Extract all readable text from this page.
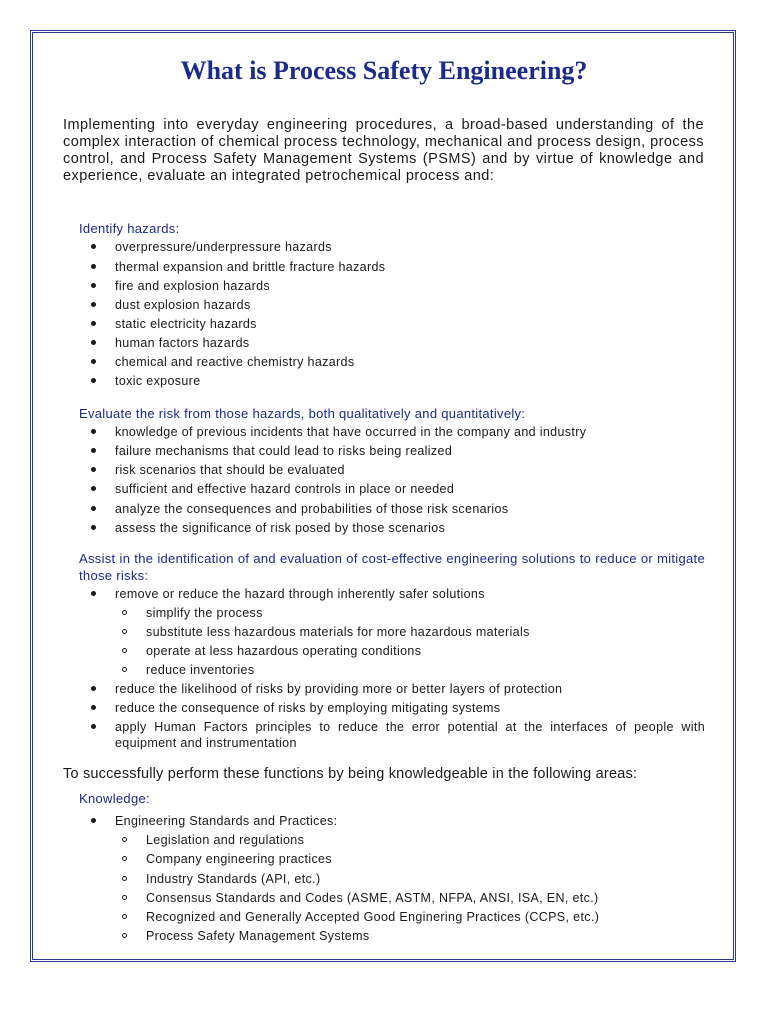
What is Process Safety Engineering?

Implementing into everyday engineering procedures, a broad-based understanding of the complex interaction of chemical process technology, mechanical and process design, process control, and Process Safety Management Systems (PSMS) and by virtue of knowledge and experience, evaluate an integrated petrochemical process and:

Identify hazards:

overpressure/underpressure hazards
thermal expansion and brittle fracture hazards
fire and explosion hazards
dust explosion hazards
static electricity hazards
human factors hazards
chemical and reactive chemistry hazards
toxic exposure

Evaluate the risk from those hazards, both qualitatively and quantitatively:

knowledge of previous incidents that have occurred in the company and industry
failure mechanisms that could lead to risks being realized
risk scenarios that should be evaluated
sufficient and effective hazard controls in place or needed
analyze the consequences and probabilities of those risk scenarios
assess the significance of risk posed by those scenarios

Assist in the identification of and evaluation of cost-effective engineering solutions to reduce or mitigate those risks:

remove or reduce the hazard through inherently safer solutions
simplify the process
substitute less hazardous materials for more hazardous materials
operate at less hazardous operating conditions
reduce inventories
reduce the likelihood of risks by providing more or better layers of protection
reduce the consequence of risks by employing mitigating systems
apply Human Factors principles to reduce the error potential at the interfaces of people with equipment and instrumentation

To successfully perform these functions by being knowledgeable in the following areas:

Knowledge:

Engineering Standards and Practices:
Legislation and regulations
Company engineering practices
Industry Standards (API, etc.)
Consensus Standards and Codes (ASME, ASTM, NFPA, ANSI, ISA, EN, etc.)
Recognized and Generally Accepted Good Enginering Practices (CCPS, etc.)
Process Safety Management Systems
